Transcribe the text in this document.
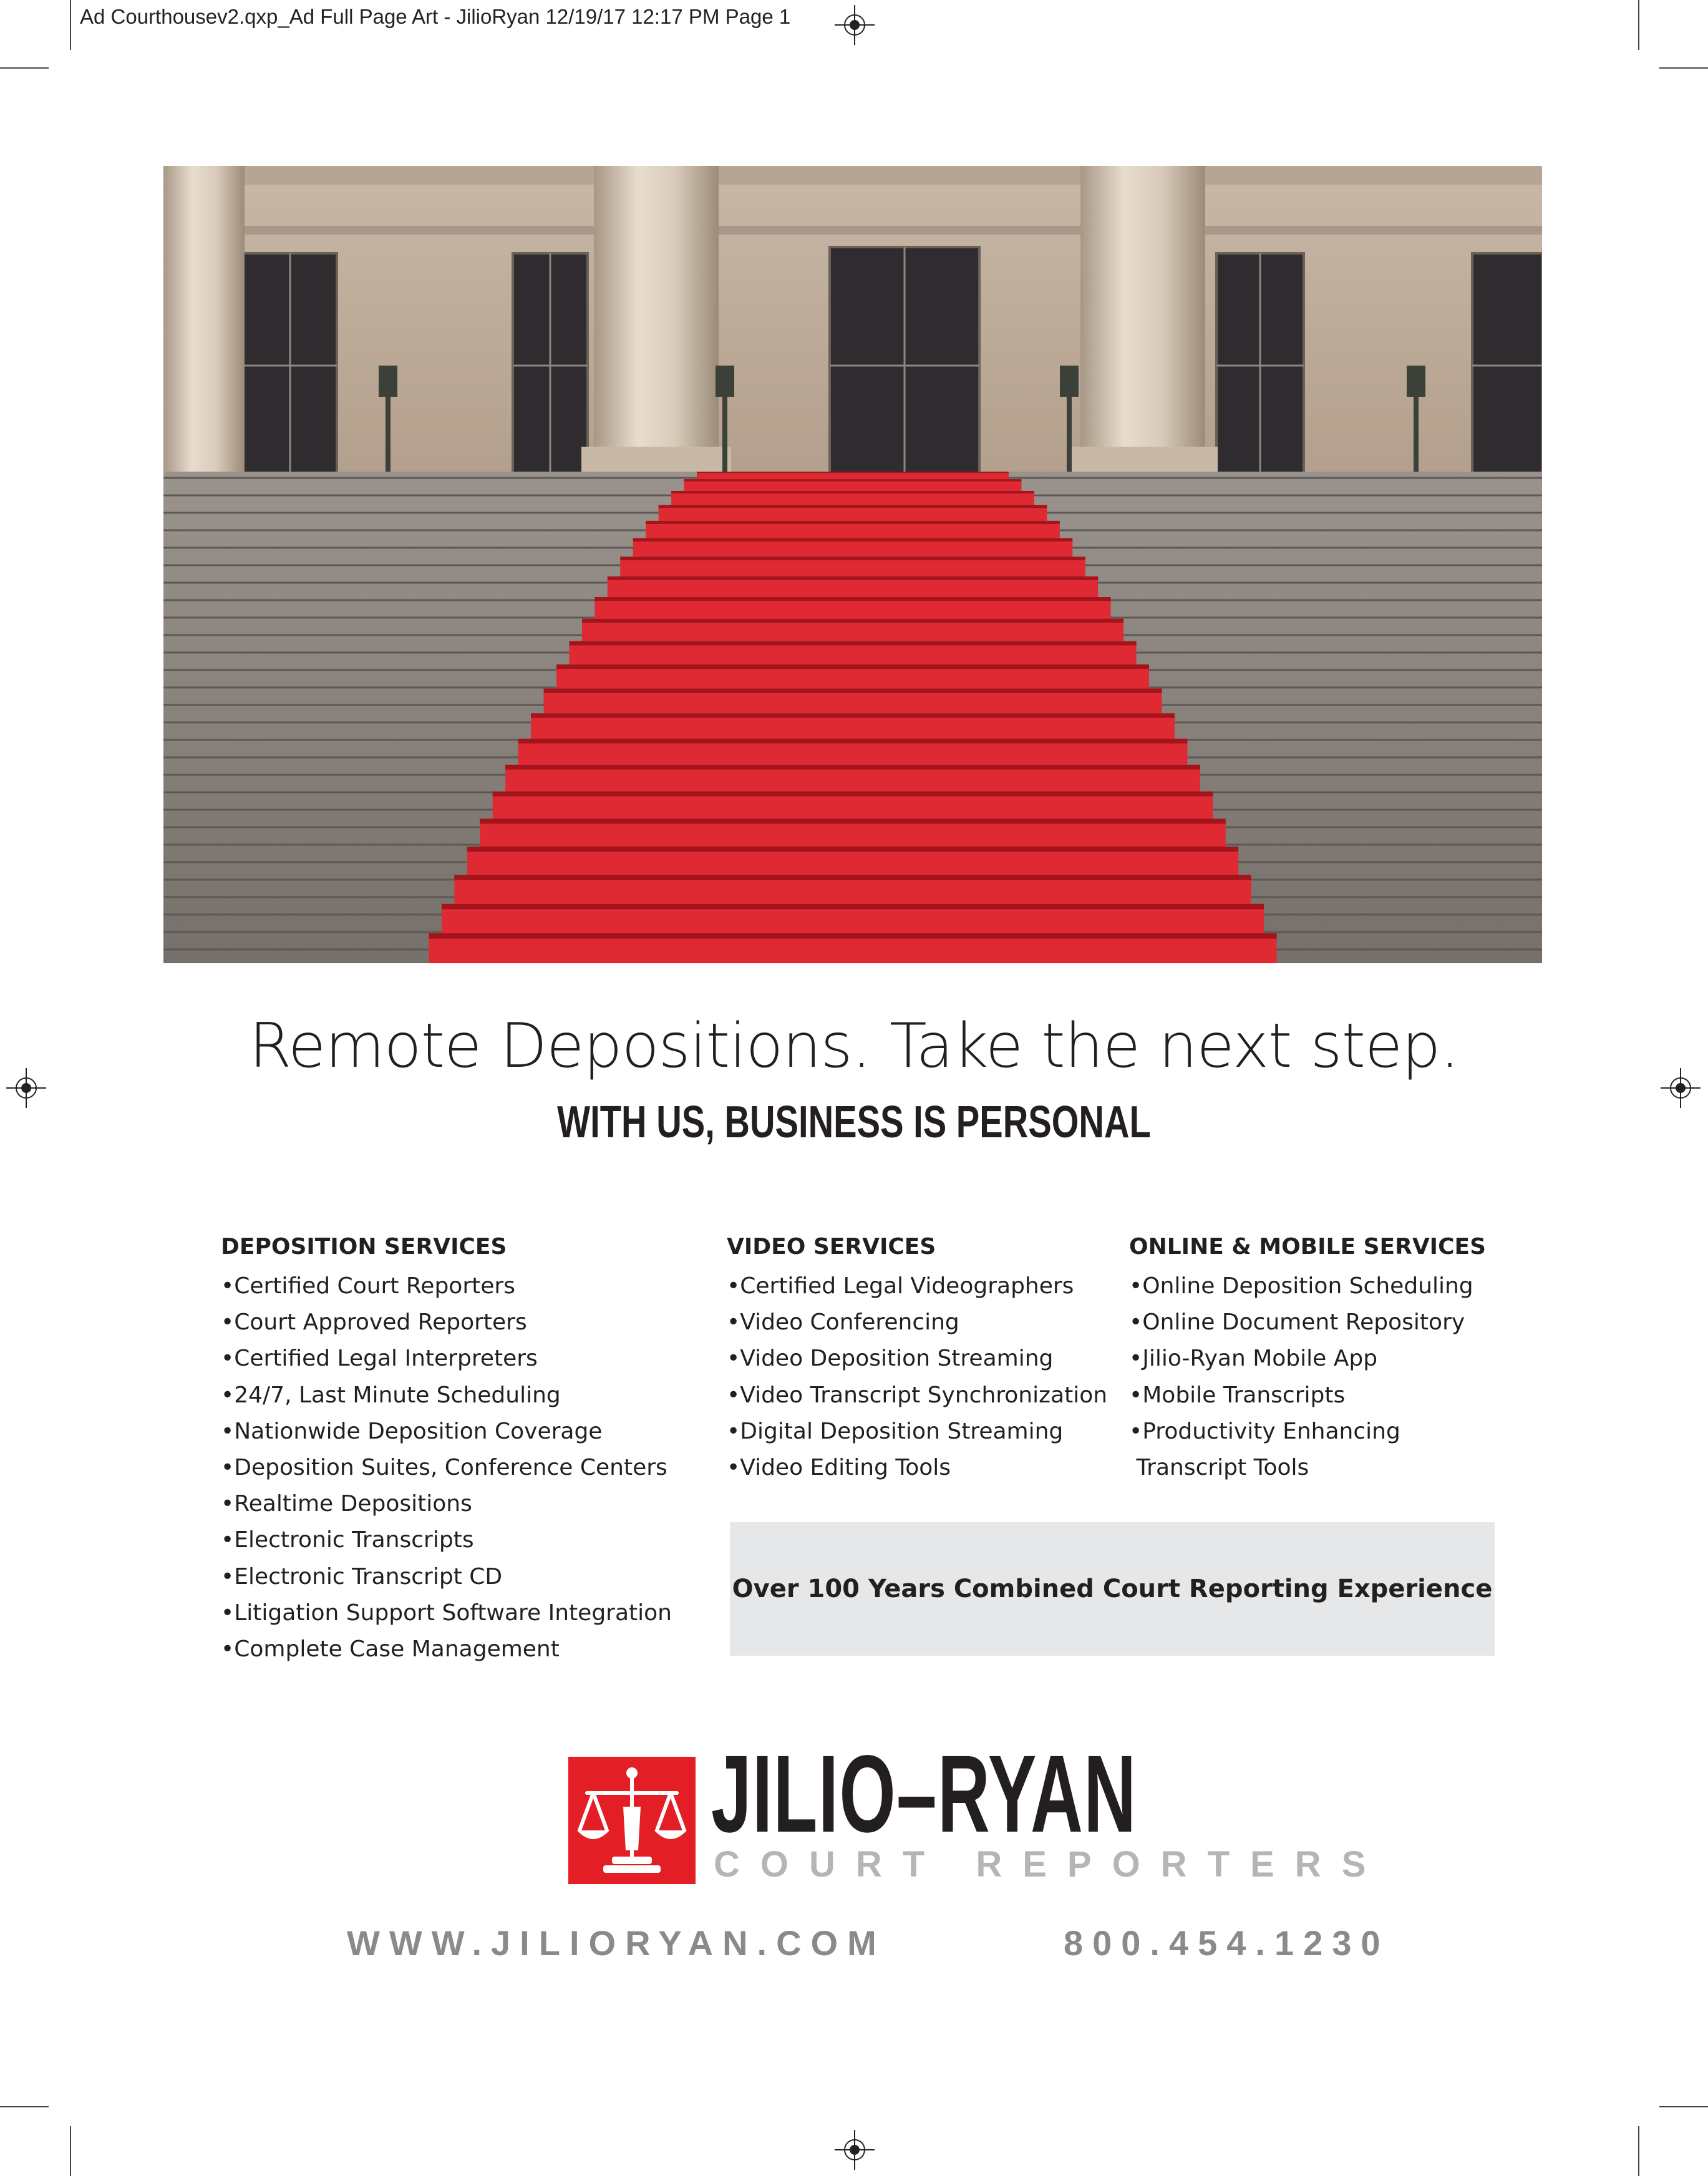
Ad Courthousev2.qxp_Ad Full Page Art - JilioRyan 12/19/17 12:17 PM Page 1
Remote Depositions. Take the next step.
WITH US, BUSINESS IS PERSONAL
DEPOSITION SERVICES
•Certified Court Reporters
•Court Approved Reporters
•Certified Legal Interpreters
•24/7, Last Minute Scheduling
•Nationwide Deposition Coverage
•Deposition Suites, Conference Centers
•Realtime Depositions
•Electronic Transcripts
•Electronic Transcript CD
•Litigation Support Software Integration
•Complete Case Management
VIDEO SERVICES
•Certified Legal Videographers
•Video Conferencing
•Video Deposition Streaming
•Video Transcript Synchronization
•Digital Deposition Streaming
•Video Editing Tools
ONLINE & MOBILE SERVICES
•Online Deposition Scheduling
•Online Document Repository
•Jilio-Ryan Mobile App
•Mobile Transcripts
•Productivity Enhancing
Transcript Tools
Over 100 Years Combined Court Reporting Experience
JILIO–RYAN
COURT REPORTERS
WWW.JILIORYAN.COM	800.454.1230
